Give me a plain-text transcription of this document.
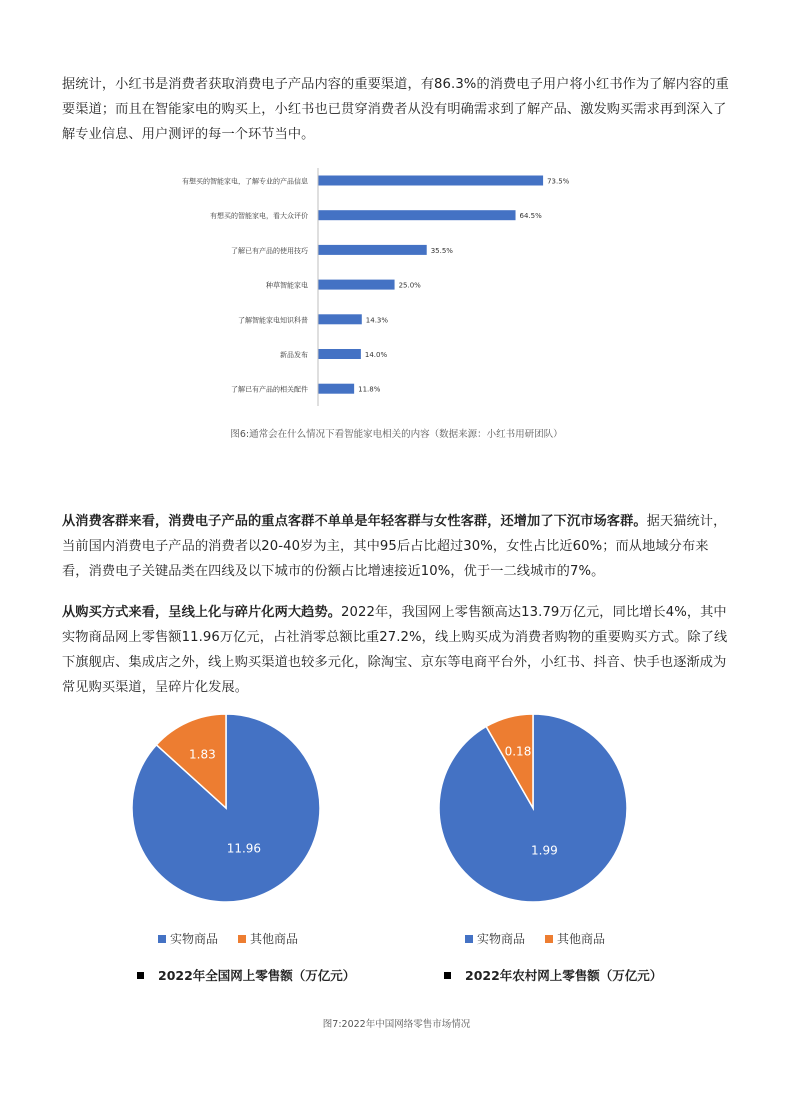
据统计，小红书是消费者获取消费电子产品内容的重要渠道，有86.3%的消费电子用户将小红书作为了解内容的重要渠道；而且在智能家电的购买上，小红书也已贯穿消费者从没有明确需求到了解产品、激发购买需求再到深入了解专业信息、用户测评的每一个环节当中。
有想买的智能家电，了解专业的产品信息	73.5%
有想买的智能家电，看大众评价	64.5%
了解已有产品的使用技巧	35.5%
种草智能家电	25.0%
了解智能家电知识科普	14.3%
新品发布	14.0%
了解已有产品的相关配件	11.8%
图6:通常会在什么情况下看智能家电相关的内容（数据来源：小红书用研团队）
从消费客群来看，消费电子产品的重点客群不单单是年轻客群与女性客群，还增加了下沉市场客群。据天猫统计，当前国内消费电子产品的消费者以20-40岁为主，其中95后占比超过30%，女性占比近60%；而从地域分布来看，消费电子关键品类在四线及以下城市的份额占比增速接近10%，优于一二线城市的7%。
从购买方式来看，呈线上化与碎片化两大趋势。2022年，我国网上零售额高达13.79万亿元，同比增长4%，其中实物商品网上零售额11.96万亿元，占社消零总额比重27.2%，线上购买成为消费者购物的重要购买方式。除了线下旗舰店、集成店之外，线上购买渠道也较多元化，除淘宝、京东等电商平台外，小红书、抖音、快手也逐渐成为常见购买渠道，呈碎片化发展。
1.83
11.96
实物商品	其他商品
2022年全国网上零售额（万亿元）
0.18
1.99
实物商品	其他商品
2022年农村网上零售额（万亿元）
图7:2022年中国网络零售市场情况
